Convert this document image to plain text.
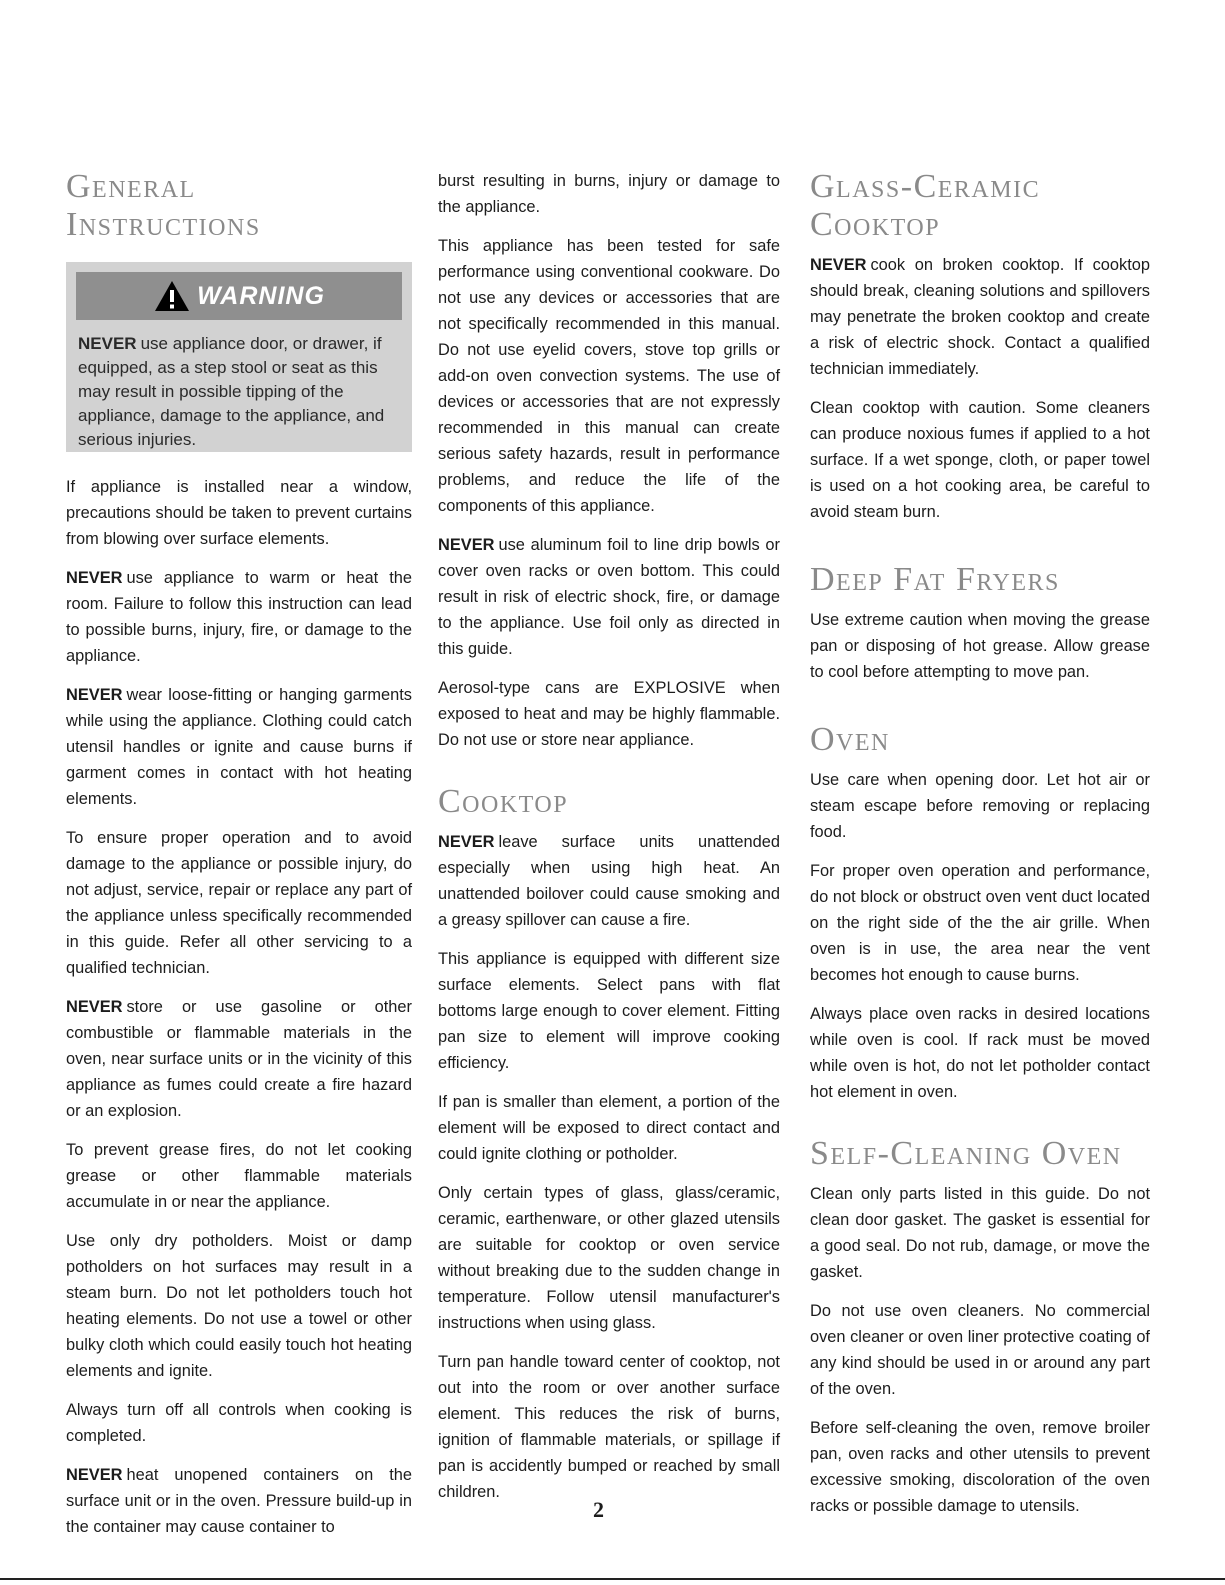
General Instructions
WARNING
NEVER use appliance door, or drawer, if equipped, as a step stool or seat as this may result in possible tipping of the appliance, damage to the appliance, and serious injuries.

If appliance is installed near a window, precautions should be taken to prevent curtains from blowing over surface elements.

NEVER use appliance to warm or heat the room. Failure to follow this instruction can lead to possible burns, injury, fire, or damage to the appliance.

NEVER wear loose-fitting or hanging garments while using the appliance. Clothing could catch utensil handles or ignite and cause burns if garment comes in contact with hot heating elements.

To ensure proper operation and to avoid damage to the appliance or possible injury, do not adjust, service, repair or replace any part of the appliance unless specifically recommended in this guide. Refer all other servicing to a qualified technician.

NEVER store or use gasoline or other combustible or flammable materials in the oven, near surface units or in the vicinity of this appliance as fumes could create a fire hazard or an explosion.

To prevent grease fires, do not let cooking grease or other flammable materials accumulate in or near the appliance.

Use only dry potholders. Moist or damp potholders on hot surfaces may result in a steam burn. Do not let potholders touch hot heating elements. Do not use a towel or other bulky cloth which could easily touch hot heating elements and ignite.

Always turn off all controls when cooking is completed.

NEVER heat unopened containers on the surface unit or in the oven. Pressure build-up in the container may cause container to

burst resulting in burns, injury or damage to the appliance.

This appliance has been tested for safe performance using conventional cookware. Do not use any devices or accessories that are not specifically recommended in this manual. Do not use eyelid covers, stove top grills or add-on oven convection systems. The use of devices or accessories that are not expressly recommended in this manual can create serious safety hazards, result in performance problems, and reduce the life of the components of this appliance.

NEVER use aluminum foil to line drip bowls or cover oven racks or oven bottom. This could result in risk of electric shock, fire, or damage to the appliance. Use foil only as directed in this guide.

Aerosol-type cans are EXPLOSIVE when exposed to heat and may be highly flammable. Do not use or store near appliance.

Cooktop

NEVER leave surface units unattended especially when using high heat. An unattended boilover could cause smoking and a greasy spillover can cause a fire.

This appliance is equipped with different size surface elements. Select pans with flat bottoms large enough to cover element. Fitting pan size to element will improve cooking efficiency.

If pan is smaller than element, a portion of the element will be exposed to direct contact and could ignite clothing or potholder.

Only certain types of glass, glass/ceramic, ceramic, earthenware, or other glazed utensils are suitable for cooktop or oven service without breaking due to the sudden change in temperature. Follow utensil manufacturer's instructions when using glass.

Turn pan handle toward center of cooktop, not out into the room or over another surface element. This reduces the risk of burns, ignition of flammable materials, or spillage if pan is accidently bumped or reached by small children.

Glass-Ceramic Cooktop

NEVER cook on broken cooktop. If cooktop should break, cleaning solutions and spillovers may penetrate the broken cooktop and create a risk of electric shock. Contact a qualified technician immediately.

Clean cooktop with caution. Some cleaners can produce noxious fumes if applied to a hot surface. If a wet sponge, cloth, or paper towel is used on a hot cooking area, be careful to avoid steam burn.

Deep Fat Fryers

Use extreme caution when moving the grease pan or disposing of hot grease. Allow grease to cool before attempting to move pan.

Oven

Use care when opening door. Let hot air or steam escape before removing or replacing food.

For proper oven operation and performance, do not block or obstruct oven vent duct located on the right side of the the air grille. When oven is in use, the area near the vent becomes hot enough to cause burns.

Always place oven racks in desired locations while oven is cool. If rack must be moved while oven is hot, do not let potholder contact hot element in oven.

Self-Cleaning Oven

Clean only parts listed in this guide. Do not clean door gasket. The gasket is essential for a good seal. Do not rub, damage, or move the gasket.

Do not use oven cleaners. No commercial oven cleaner or oven liner protective coating of any kind should be used in or around any part of the oven.

Before self-cleaning the oven, remove broiler pan, oven racks and other utensils to prevent excessive smoking, discoloration of the oven racks or possible damage to utensils.

2
